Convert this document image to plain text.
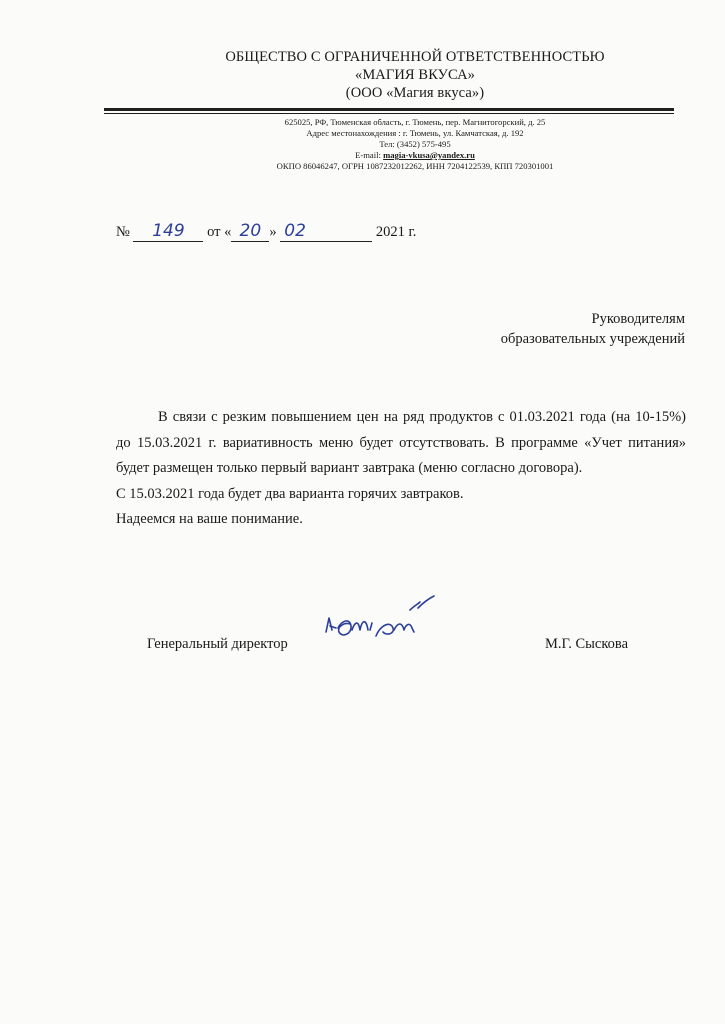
ОБЩЕСТВО С ОГРАНИЧЕННОЙ ОТВЕТСТВЕННОСТЬЮ
«МАГИЯ ВКУСА»
(ООО «Магия вкуса»)
625025, РФ, Тюменская область, г. Тюмень, пер. Магнитогорский, д. 25
Адрес местонахождения : г. Тюмень, ул. Камчатская, д. 192
Тел: (3452) 575-495
E-mail: magia-vkusa@yandex.ru
ОКПО 86046247, ОГРН 1087232012262, ИНН 7204122539, КПП 720301001
№ 149 от « 20 » 02	2021 г.
Руководителям
образовательных учреждений

В связи с резким повышением цен на ряд продуктов с 01.03.2021 года (на 10-15%)

до 15.03.2021 г. вариативность меню будет отсутствовать. В программе «Учет питания»

будет размещен только первый вариант завтрака (меню согласно договора).

С 15.03.2021 года будет два варианта горячих завтраков.

Надеемся на ваше понимание.

Генеральный директор	М.Г. Сыскова
